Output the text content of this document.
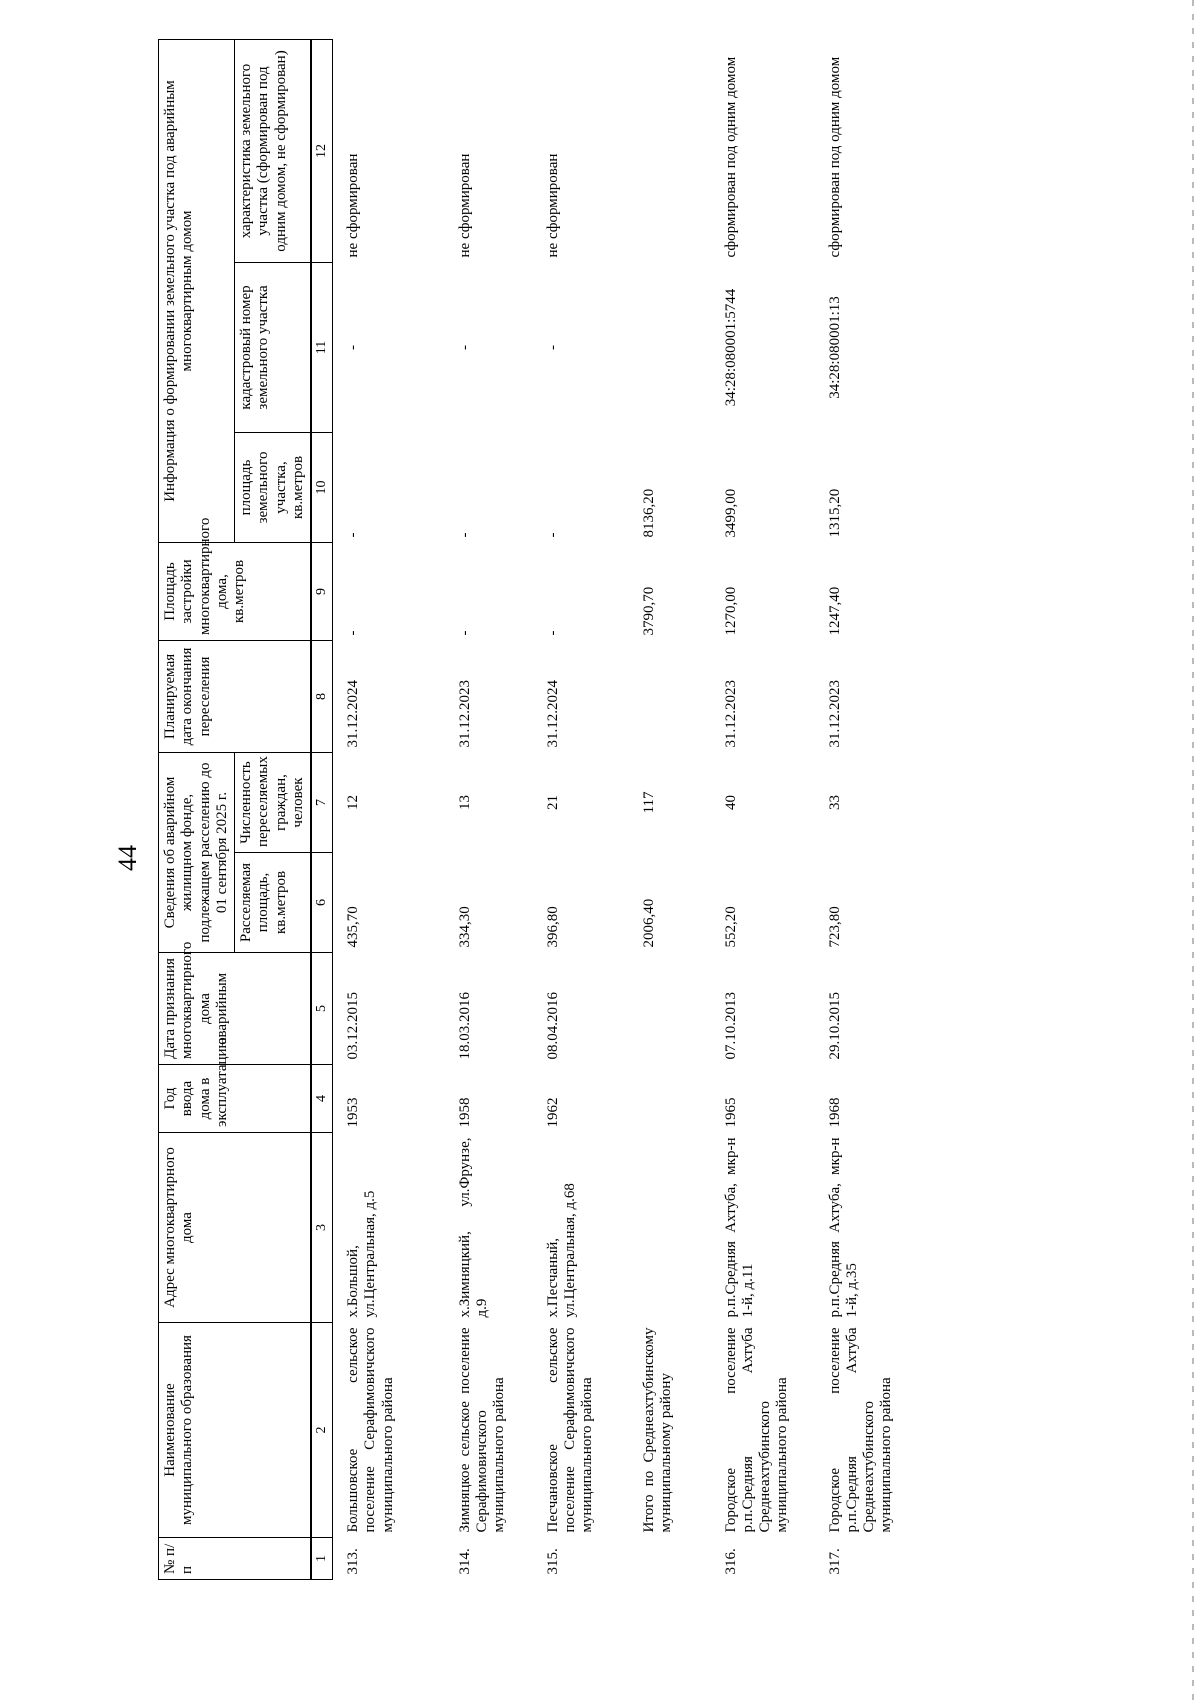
44
№ п/п	Наименование муниципального образования	Адрес многоквартирного дома	Год ввода дома в эксплуатацию	Дата признания многоквартирного дома аварийным	Сведения об аварийном жилищном фонде, подлежащем расселению до 01 сентября 2025 г.		Планируемая дата окончания переселения	Площадь застройки многоквартирного дома, кв.метров	Информация о формировании земельного участка под аварийным многоквартирным домом		
					Расселяемая площадь, кв.метров	Численность переселяемых граждан, человек			площадь земельного участка, кв.метров	кадастровый номер земельного участка	характеристика земельного участка (сформирован под одним домом, не сформирован)
1	2	3	4	5	6	7	8	9	10	11	12
313.	Большовское сельское поселение Серафимовичского муниципального района	х.Большой, ул.Центральная, д.5	1953	03.12.2015	435,70	12	31.12.2024	-	-	-	не сформирован
314.	Зимняцкое сельское поселение Серафимовичского муниципального района	х.Зимняцкий, ул.Фрунзе, д.9	1958	18.03.2016	334,30	13	31.12.2023	-	-	-	не сформирован
315.	Песчановское сельское поселение Серафимовичского муниципального района	х.Песчаный, ул.Центральная, д.68	1962	08.04.2016	396,80	21	31.12.2024	-	-	-	не сформирован
	Итого по Среднеахтубинскому муниципальному району				2006,40	117		3790,70	8136,20		
316.	Городское поселение р.п.Средняя Ахтуба Среднеахтубинского муниципального района	р.п.Средняя Ахтуба, мкр-н 1-й, д.11	1965	07.10.2013	552,20	40	31.12.2023	1270,00	3499,00	34:28:080001:5744	сформирован под одним домом
317.	Городское поселение р.п.Средняя Ахтуба Среднеахтубинского муниципального района	р.п.Средняя Ахтуба, мкр-н 1-й, д.35	1968	29.10.2015	723,80	33	31.12.2023	1247,40	1315,20	34:28:080001:13	сформирован под одним домом
